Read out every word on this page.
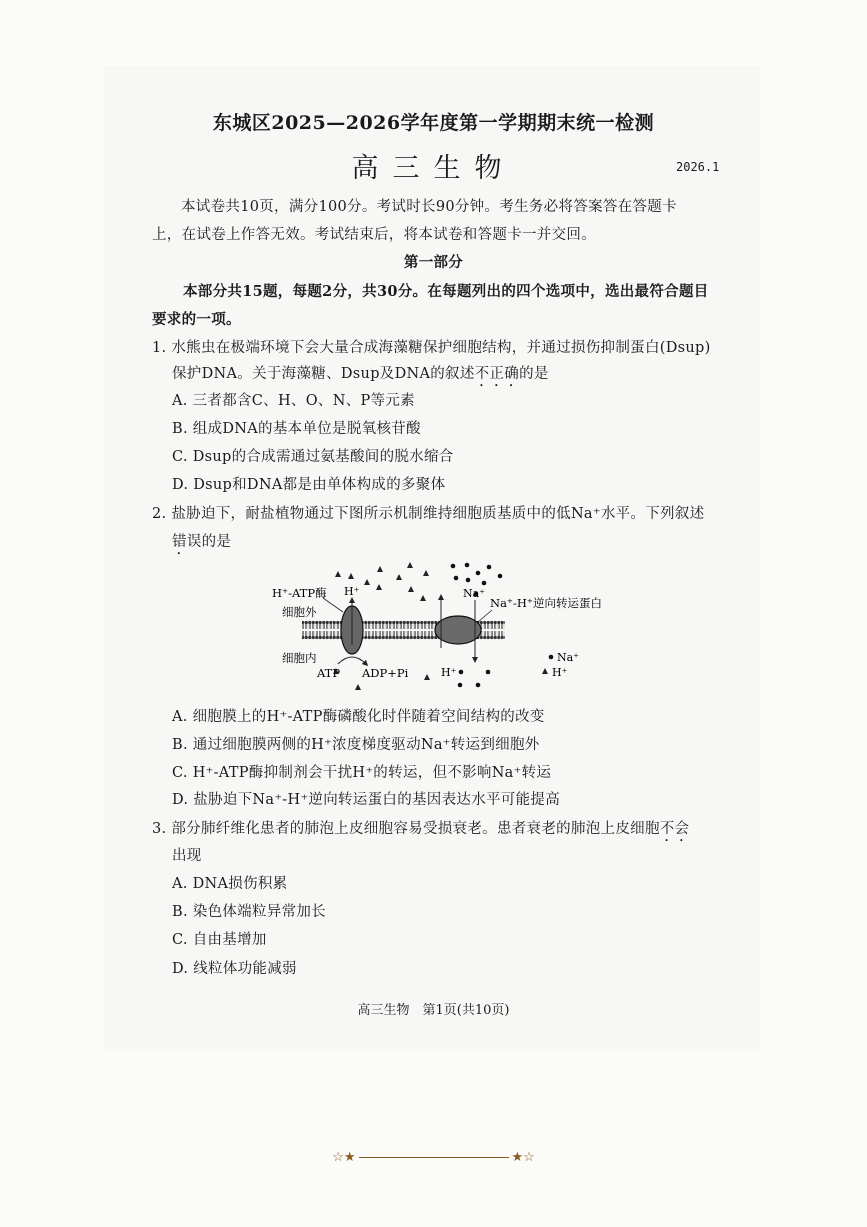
东城区2025—2026学年度第一学期期末统一检测
高三生物	2026.1
本试卷共10页，满分100分。考试时长90分钟。考生务必将答案答在答题卡
上，在试卷上作答无效。考试结束后，将本试卷和答题卡一并交回。
第一部分
本部分共15题，每题2分，共30分。在每题列出的四个选项中，选出最符合题目
要求的一项。
1. 水熊虫在极端环境下会大量合成海藻糖保护细胞结构，并通过损伤抑制蛋白(Dsup)
保护DNA。关于海藻糖、Dsup及DNA的叙述不正确的是
A. 三者都含C、H、O、N、P等元素
B. 组成DNA的基本单位是脱氧核苷酸
C. Dsup的合成需通过氨基酸间的脱水缩合
D. Dsup和DNA都是由单体构成的多聚体
2. 盐胁迫下，耐盐植物通过下图所示机制维持细胞质基质中的低Na⁺水平。下列叙述
错误的是
H⁺-ATP酶
细胞外
细胞内
H⁺	Na⁺
Na⁺-H⁺逆向转运蛋白
ATP ADP+Pi	H⁺
Na⁺
H⁺
A. 细胞膜上的H⁺-ATP酶磷酸化时伴随着空间结构的改变
B. 通过细胞膜两侧的H⁺浓度梯度驱动Na⁺转运到细胞外
C. H⁺-ATP酶抑制剂会干扰H⁺的转运，但不影响Na⁺转运
D. 盐胁迫下Na⁺-H⁺逆向转运蛋白的基因表达水平可能提高
3. 部分肺纤维化患者的肺泡上皮细胞容易受损衰老。患者衰老的肺泡上皮细胞不会
出现
A. DNA损伤积累
B. 染色体端粒异常加长
C. 自由基增加
D. 线粒体功能减弱
高三生物　第1页(共10页)
☆★	★☆
